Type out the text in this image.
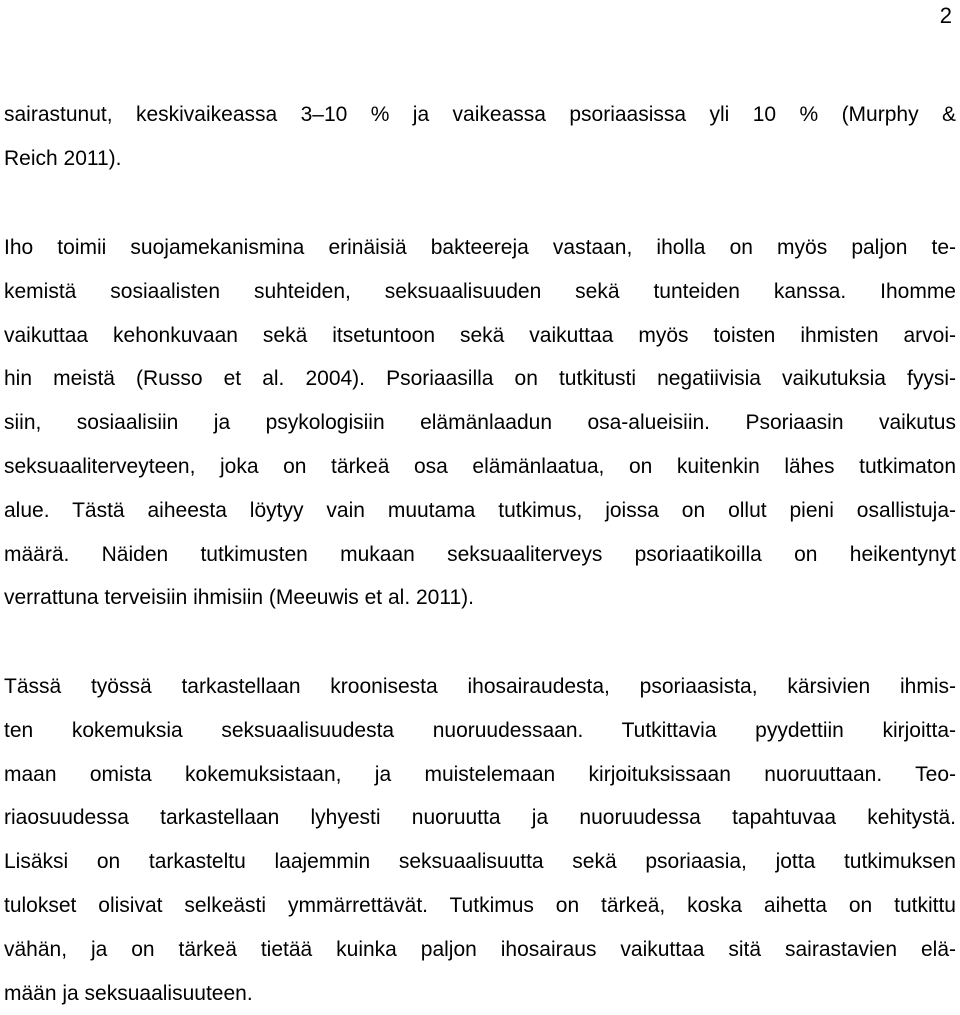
2

sairastunut, keskivaikeassa 3–10 % ja vaikeassa psoriaasissa yli 10 % (Murphy &
Reich 2011).

Iho toimii suojamekanismina erinäisiä bakteereja vastaan, iholla on myös paljon te-
kemistä sosiaalisten suhteiden, seksuaalisuuden sekä tunteiden kanssa. Ihomme
vaikuttaa kehonkuvaan sekä itsetuntoon sekä vaikuttaa myös toisten ihmisten arvoi-
hin meistä (Russo et al. 2004). Psoriaasilla on tutkitusti negatiivisia vaikutuksia fyysi-
siin, sosiaalisiin ja psykologisiin elämänlaadun osa-alueisiin. Psoriaasin vaikutus
seksuaaliterveyteen, joka on tärkeä osa elämänlaatua, on kuitenkin lähes tutkimaton
alue. Tästä aiheesta löytyy vain muutama tutkimus, joissa on ollut pieni osallistuja-
määrä. Näiden tutkimusten mukaan seksuaaliterveys psoriaatikoilla on heikentynyt
verrattuna terveisiin ihmisiin (Meeuwis et al. 2011).

Tässä työssä tarkastellaan kroonisesta ihosairaudesta, psoriaasista, kärsivien ihmis-
ten kokemuksia seksuaalisuudesta nuoruudessaan. Tutkittavia pyydettiin kirjoitta-
maan omista kokemuksistaan, ja muistelemaan kirjoituksissaan nuoruuttaan. Teo-
riaosuudessa tarkastellaan lyhyesti nuoruutta ja nuoruudessa tapahtuvaa kehitystä.
Lisäksi on tarkasteltu laajemmin seksuaalisuutta sekä psoriaasia, jotta tutkimuksen
tulokset olisivat selkeästi ymmärrettävät. Tutkimus on tärkeä, koska aihetta on tutkittu
vähän, ja on tärkeä tietää kuinka paljon ihosairaus vaikuttaa sitä sairastavien elä-
mään ja seksuaalisuuteen.
